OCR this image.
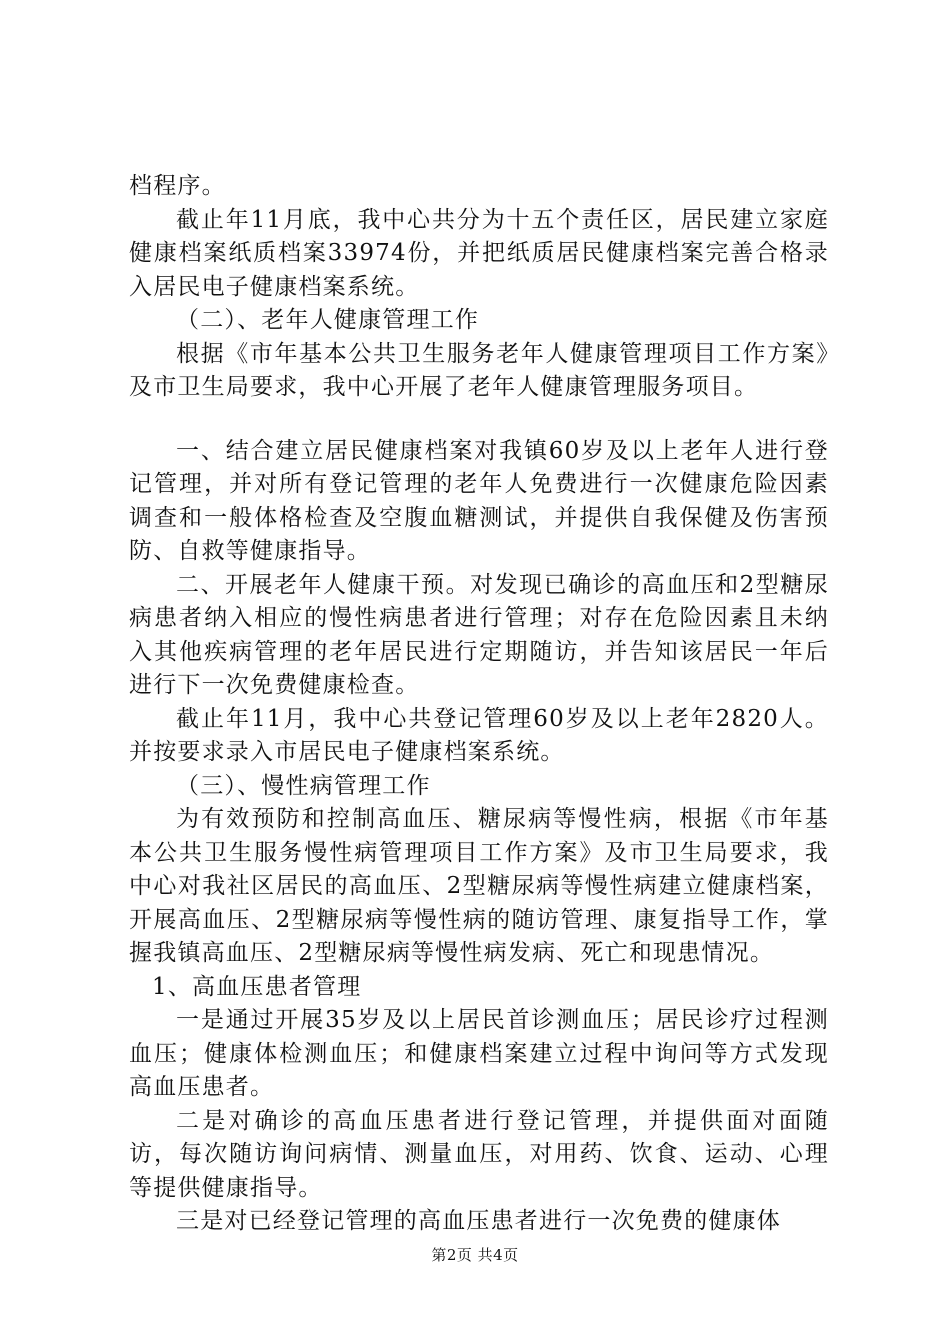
档程序。

截止年11月底，我中心共分为十五个责任区，居民建立家庭健康档案纸质档案33974份，并把纸质居民健康档案完善合格录入居民电子健康档案系统。

（二）、老年人健康管理工作

根据《市年基本公共卫生服务老年人健康管理项目工作方案》及市卫生局要求，我中心开展了老年人健康管理服务项目。

一、结合建立居民健康档案对我镇60岁及以上老年人进行登记管理，并对所有登记管理的老年人免费进行一次健康危险因素调查和一般体格检查及空腹血糖测试，并提供自我保健及伤害预防、自救等健康指导。

二、开展老年人健康干预。对发现已确诊的高血压和2型糖尿病患者纳入相应的慢性病患者进行管理；对存在危险因素且未纳入其他疾病管理的老年居民进行定期随访，并告知该居民一年后进行下一次免费健康检查。

截止年11月，我中心共登记管理60岁及以上老年2820人。并按要求录入市居民电子健康档案系统。

（三）、慢性病管理工作

为有效预防和控制高血压、糖尿病等慢性病，根据《市年基本公共卫生服务慢性病管理项目工作方案》及市卫生局要求，我中心对我社区居民的高血压、2型糖尿病等慢性病建立健康档案，开展高血压、2型糖尿病等慢性病的随访管理、康复指导工作，掌握我镇高血压、2型糖尿病等慢性病发病、死亡和现患情况。

1、高血压患者管理

一是通过开展35岁及以上居民首诊测血压；居民诊疗过程测血压；健康体检测血压；和健康档案建立过程中询问等方式发现高血压患者。

二是对确诊的高血压患者进行登记管理，并提供面对面随访，每次随访询问病情、测量血压，对用药、饮食、运动、心理等提供健康指导。

三是对已经登记管理的高血压患者进行一次免费的健康体

第2页 共4页
